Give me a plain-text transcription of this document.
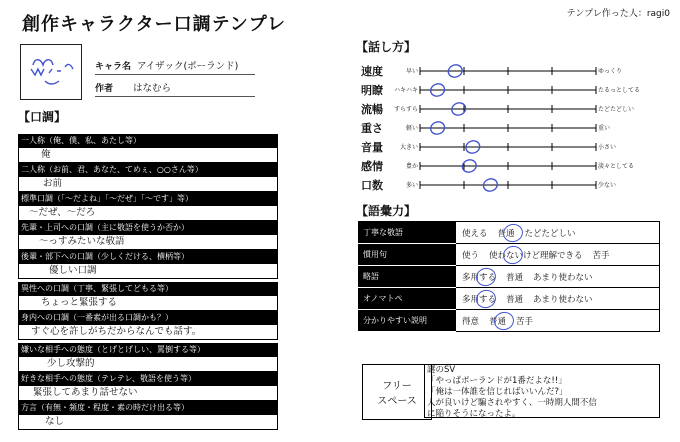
創作キャラクター口調テンプレ	テンプレ作った人：ragi0
キャラ名 アイザック(ポーランド)
作者 はなむら
【口調】
一人称（俺、僕、私、あたし等）
俺
二人称（お前、君、あなた、てめぇ、○○さん等）
お前
標準口調（「〜だよね」「〜だぜ」「〜です」等）
〜だぜ、〜だろ
先輩・上司への口調（主に敬語を使うか否か）
〜っすみたいな敬語
後輩・部下への口調（少しくだける、横柄等）
優しい口調
異性への口調（丁寧、緊張してどもる等）
ちょっと緊張する
身内への口調（一番素が出る口調かも？）
すぐ心を許しがちだからなんでも話す。
嫌いな相手への態度（とげとげしい、罵倒する等）
少し攻撃的
好きな相手への態度（テレテレ、敬語を使う等）
緊張してあまり話せない
方言（有無・頻度・程度・素の時だけ出る等）
なし
【話し方】
速度	早い	ゆっくり
明瞭	ハキハキ	たるっとしてる
流暢	すらすら	たどたどしい
重さ	軽い	重い
音量	大きい	小さい
感情	豊か	淡々としてる
口数	多い	少ない
【語彙力】
丁寧な敬語	使える 普通 たどたどしい

慣用句	使う 使わないけど理解できる 苦手

略語	多用する 普通 あまり使わない

オノマトペ	多用する 普通 あまり使わない

分かりやすい説明	得意 普通 苦手
フリー
スペース
謎のSV
「やっぱポーランドが1番だよな!!」
「俺は一体誰を信じればいいんだ?」
人が良いけど騙されやすく、一時期人間不信
に陥りそうになったよ。
